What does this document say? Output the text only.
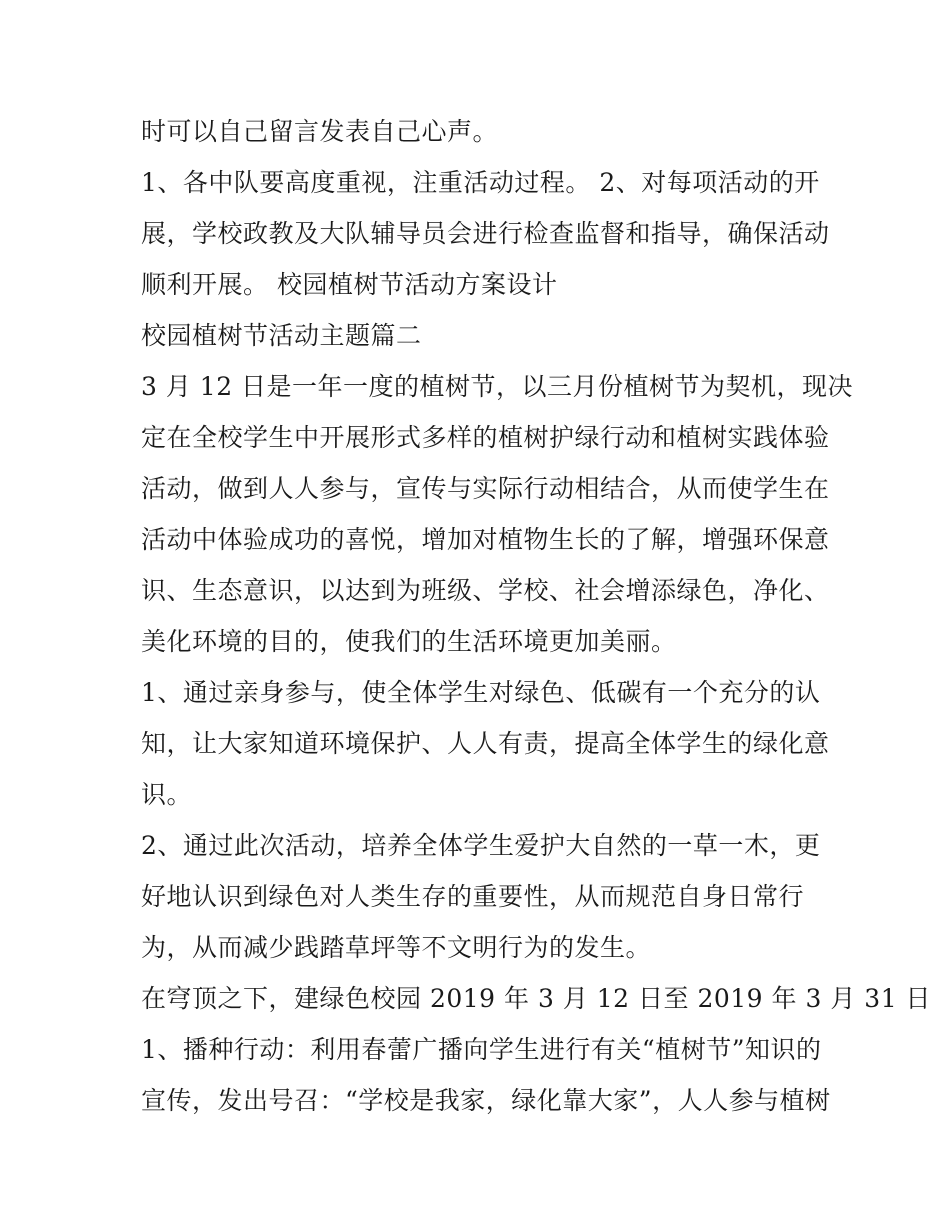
时可以自己留言发表自己心声。
1、各中队要高度重视，注重活动过程。 2、对每项活动的开
展，学校政教及大队辅导员会进行检查监督和指导，确保活动
顺利开展。 校园植树节活动方案设计
校园植树节活动主题篇二
3 月 12 日是一年一度的植树节，以三月份植树节为契机，现决
定在全校学生中开展形式多样的植树护绿行动和植树实践体验
活动，做到人人参与，宣传与实际行动相结合，从而使学生在
活动中体验成功的喜悦，增加对植物生长的了解，增强环保意
识、生态意识，以达到为班级、学校、社会增添绿色，净化、
美化环境的目的，使我们的生活环境更加美丽。
1、通过亲身参与，使全体学生对绿色、低碳有一个充分的认
知，让大家知道环境保护、人人有责，提高全体学生的绿化意
识。
2、通过此次活动，培养全体学生爱护大自然的一草一木，更
好地认识到绿色对人类生存的重要性，从而规范自身日常行
为，从而减少践踏草坪等不文明行为的发生。
在穹顶之下，建绿色校园 2019 年 3 月 12 日至 2019 年 3 月 31 日
1、播种行动：利用春蕾广播向学生进行有关“植树节”知识的
宣传，发出号召：“学校是我家，绿化靠大家”，人人参与植树
